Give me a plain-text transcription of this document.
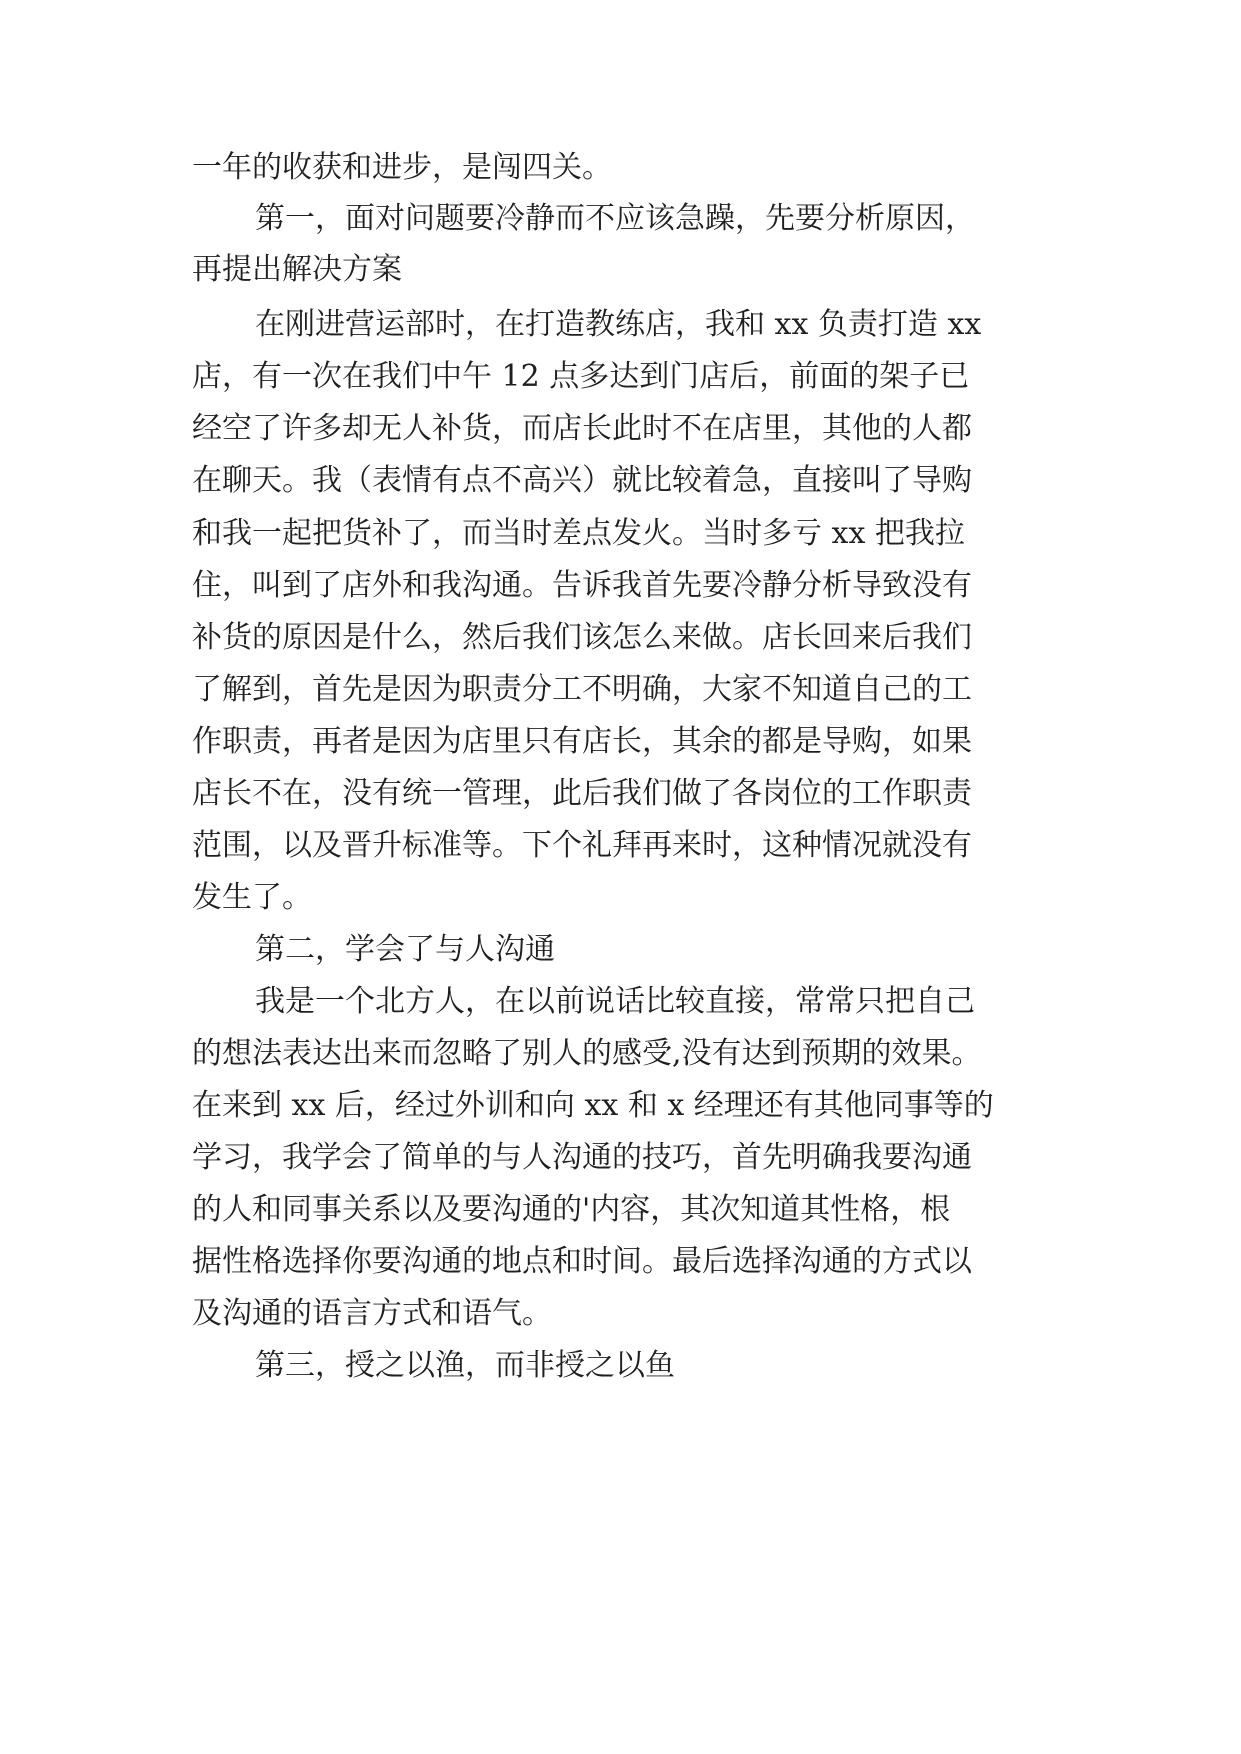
一年的收获和进步，是闯四关。
第一，面对问题要冷静而不应该急躁，先要分析原因，
再提出解决方案
在刚进营运部时，在打造教练店，我和 xx 负责打造 xx
店，有一次在我们中午 12 点多达到门店后，前面的架子已
经空了许多却无人补货，而店长此时不在店里，其他的人都
在聊天。我（表情有点不高兴）就比较着急，直接叫了导购
和我一起把货补了，而当时差点发火。当时多亏 xx 把我拉
住，叫到了店外和我沟通。告诉我首先要冷静分析导致没有
补货的原因是什么，然后我们该怎么来做。店长回来后我们
了解到，首先是因为职责分工不明确，大家不知道自己的工
作职责，再者是因为店里只有店长，其余的都是导购，如果
店长不在，没有统一管理，此后我们做了各岗位的工作职责
范围，以及晋升标准等。下个礼拜再来时，这种情况就没有
发生了。
第二，学会了与人沟通
我是一个北方人，在以前说话比较直接，常常只把自己
的想法表达出来而忽略了别人的感受,没有达到预期的效果。
在来到 xx 后，经过外训和向 xx 和 x 经理还有其他同事等的
学习，我学会了简单的与人沟通的技巧，首先明确我要沟通
的人和同事关系以及要沟通的'内容，其次知道其性格，根
据性格选择你要沟通的地点和时间。最后选择沟通的方式以
及沟通的语言方式和语气。
第三，授之以渔，而非授之以鱼
